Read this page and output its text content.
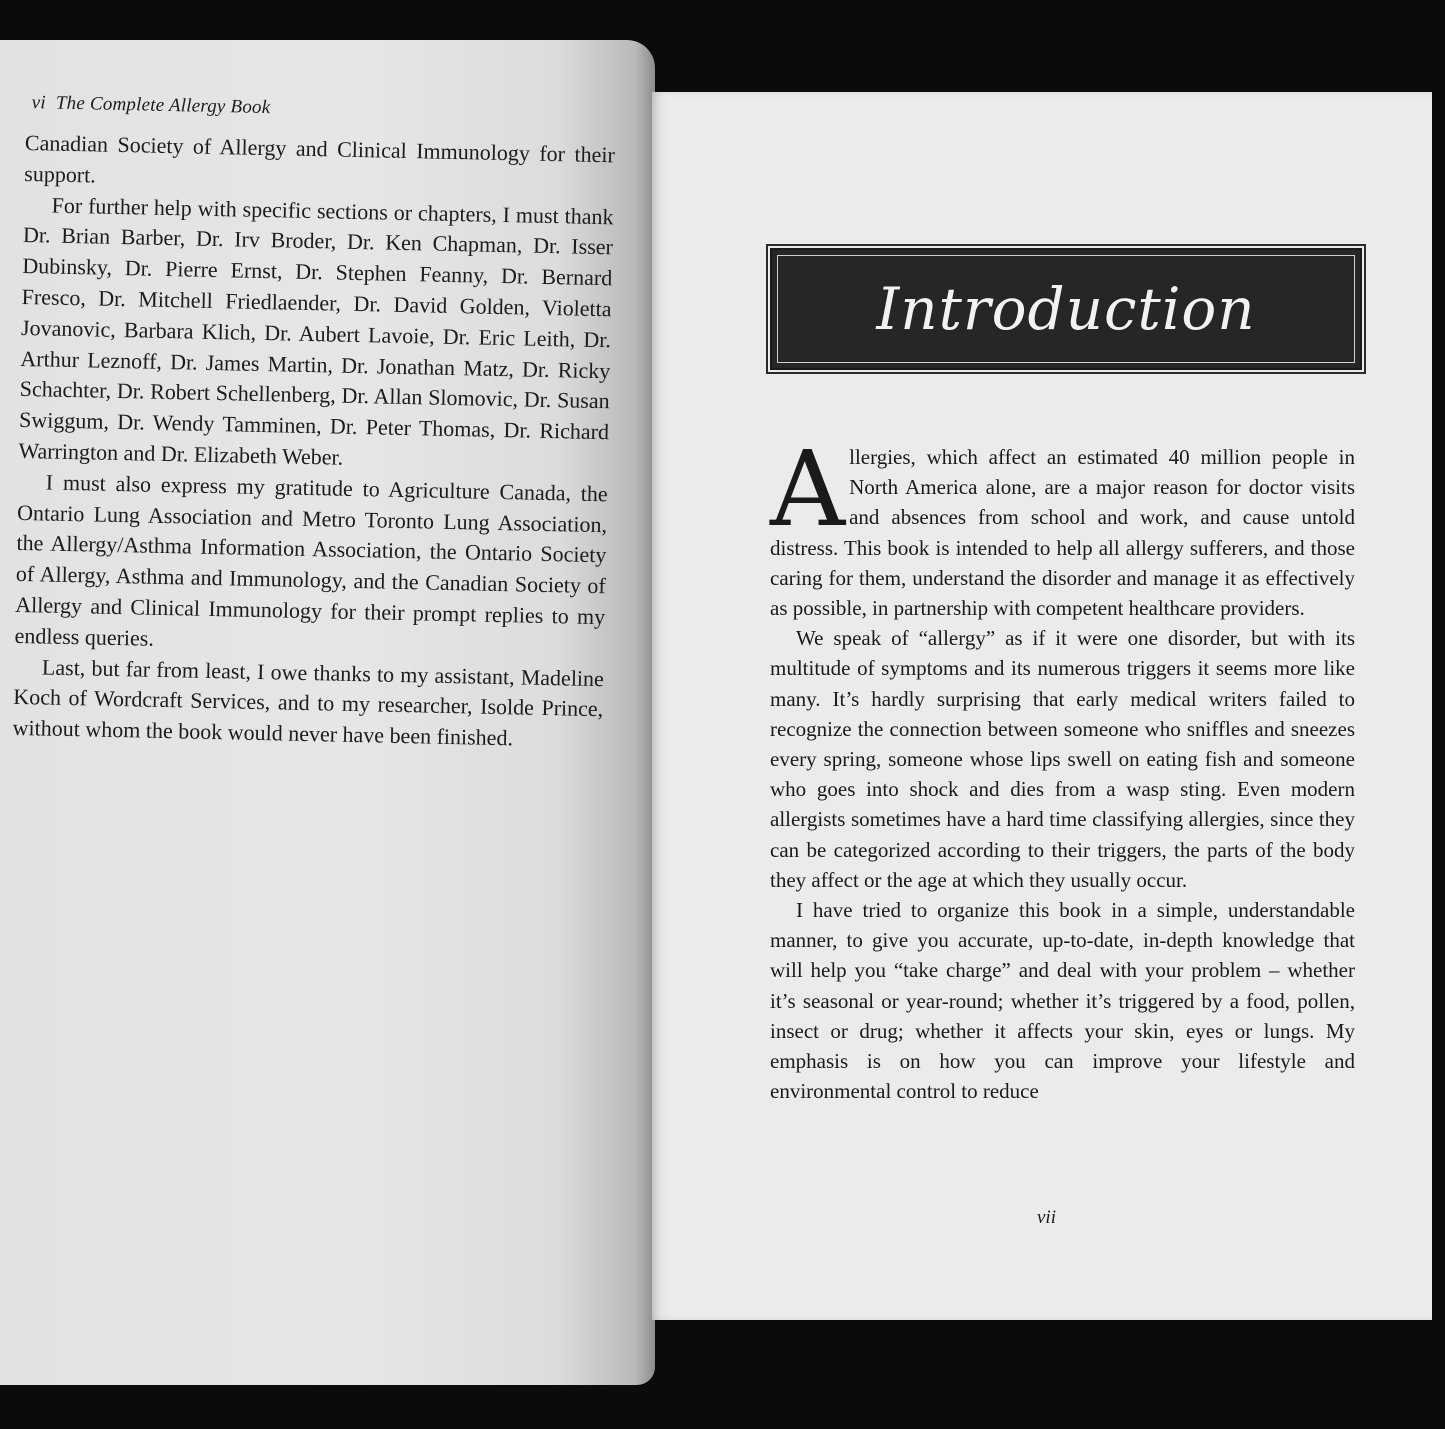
vi The Complete Allergy Book

Canadian Society of Allergy and Clinical Immunology for their support.

For further help with specific sections or chapters, I must thank Dr. Brian Barber, Dr. Irv Broder, Dr. Ken Chapman, Dr. Isser Dubinsky, Dr. Pierre Ernst, Dr. Stephen Feanny, Dr. Bernard Fresco, Dr. Mitchell Friedlaender, Dr. David Golden, Violetta Jovanovic, Barbara Klich, Dr. Aubert Lavoie, Dr. Eric Leith, Dr. Arthur Leznoff, Dr. James Martin, Dr. Jonathan Matz, Dr. Ricky Schachter, Dr. Robert Schellenberg, Dr. Allan Slomovic, Dr. Susan Swiggum, Dr. Wendy Tamminen, Dr. Peter Thomas, Dr. Richard Warrington and Dr. Elizabeth Weber.

I must also express my gratitude to Agriculture Canada, the Ontario Lung Association and Metro Toronto Lung Association, the Allergy/Asthma Information Association, the Ontario Society of Allergy, Asthma and Immunology, and the Canadian Society of Allergy and Clinical Immunology for their prompt replies to my endless queries.

Last, but far from least, I owe thanks to my assistant, Madeline Koch of Wordcraft Services, and to my researcher, Isolde Prince, without whom the book would never have been finished.

Introduction

Allergies, which affect an estimated 40 million people in North America alone, are a major reason for doctor visits and absences from school and work, and cause untold distress. This book is intended to help all allergy sufferers, and those caring for them, understand the disorder and manage it as effectively as possible, in partnership with competent healthcare providers.

We speak of “allergy” as if it were one disorder, but with its multitude of symptoms and its numerous triggers it seems more like many. It’s hardly surprising that early medical writers failed to recognize the connection between someone who sniffles and sneezes every spring, someone whose lips swell on eating fish and someone who goes into shock and dies from a wasp sting. Even modern allergists sometimes have a hard time classifying allergies, since they can be categorized according to their triggers, the parts of the body they affect or the age at which they usually occur.

I have tried to organize this book in a simple, understandable manner, to give you accurate, up-to-date, in-depth knowledge that will help you “take charge” and deal with your problem – whether it’s seasonal or year-round; whether it’s triggered by a food, pollen, insect or drug; whether it affects your skin, eyes or lungs. My emphasis is on how you can improve your lifestyle and environmental control to reduce

vii
